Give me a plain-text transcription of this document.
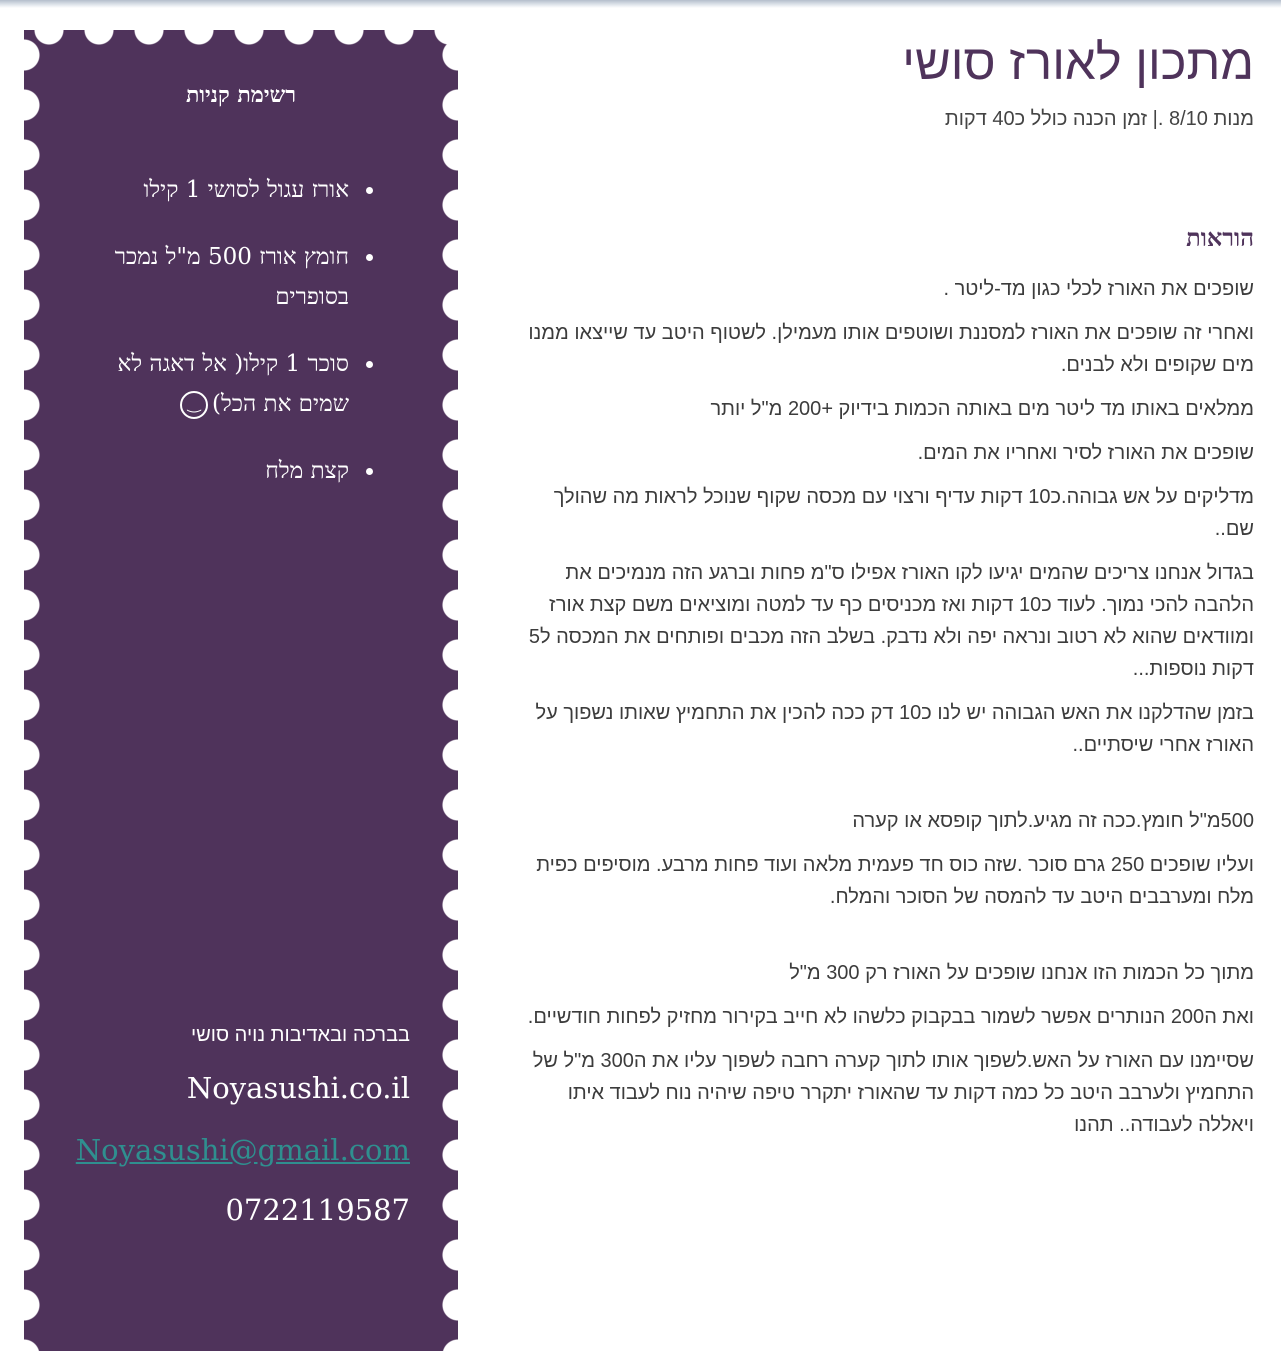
רשימת קניות
• אורז עגול לסושי 1 קילו
• חומץ אורז 500 מ"ל נמכר בסופרים
• סוכר 1 קילו( אל דאגה לא שמים את הכל)‿
• קצת מלח
בברכה ובאדיבות נויה סושי
Noyasushi.co.il
Noyasushi@gmail.com
0722119587
מתכון לאורז סושי
מנות 8/10 .| זמן הכנה כולל כ40 דקות
הוראות

שופכים את האורז לכלי כגון מד-ליטר .

ואחרי זה שופכים את האורז למסננת ושוטפים אותו מעמילן. לשטוף היטב עד שייצאו ממנו מים שקופים ולא לבנים.

ממלאים באותו מד ליטר מים באותה הכמות בידיוק +200 מ"ל יותר

שופכים את האורז לסיר ואחריו את המים.

מדליקים על אש גבוהה.כ10 דקות עדיף ורצוי עם מכסה שקוף שנוכל לראות מה שהולך שם..

בגדול אנחנו צריכים שהמים יגיעו לקו האורז אפילו ס"מ פחות וברגע הזה מנמיכים את הלהבה להכי נמוך. לעוד כ10 דקות ואז מכניסים כף עד למטה ומוציאים משם קצת אורז ומוודאים שהוא לא רטוב ונראה יפה ולא נדבק. בשלב הזה מכבים ופותחים את המכסה ל5 דקות נוספות...

בזמן שהדלקנו את האש הגבוהה יש לנו כ10 דק ככה להכין את התחמיץ שאותו נשפוך על האורז אחרי שיסתיים..

500מ"ל חומץ.ככה זה מגיע.לתוך קופסא או קערה

ועליו שופכים 250 גרם סוכר .שזה כוס חד פעמית מלאה ועוד פחות מרבע. מוסיפים כפית מלח ומערבבים היטב עד להמסה של הסוכר והמלח.

מתוך כל הכמות הזו אנחנו שופכים על האורז רק 300 מ"ל

ואת ה200 הנותרים אפשר לשמור בבקבוק כלשהו לא חייב בקירור מחזיק לפחות חודשיים.

שסיימנו עם האורז על האש.לשפוך אותו לתוך קערה רחבה לשפוך עליו את ה300 מ"ל של התחמיץ ולערבב היטב כל כמה דקות עד שהאורז יתקרר טיפה שיהיה נוח לעבוד איתו ויאללה לעבודה.. תהנו
